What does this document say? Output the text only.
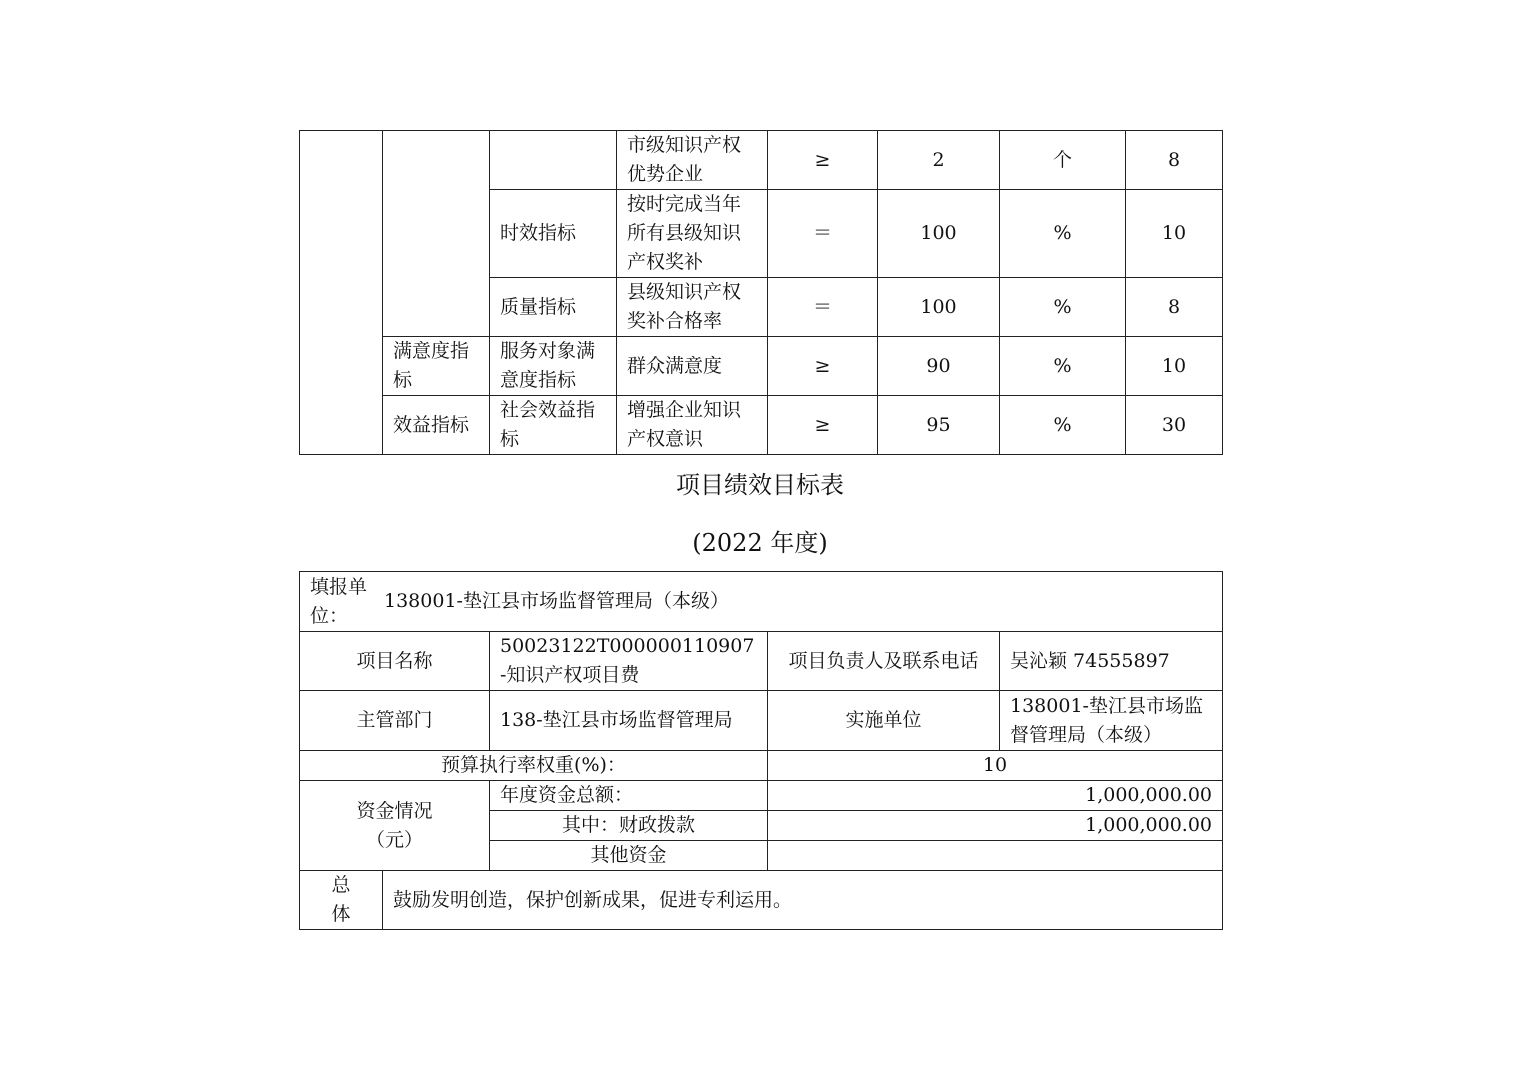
			市级知识产权优势企业	≥	2	个	8
		时效指标	按时完成当年所有县级知识产权奖补	＝	100	%	10
		质量指标	县级知识产权奖补合格率	＝	100	%	8
	满意度指标	服务对象满意度指标	群众满意度	≥	90	%	10
	效益指标	社会效益指标	增强企业知识产权意识	≥	95	%	30
项目绩效目标表
(2022 年度)
填报单位：
138001-垫江县市场监督管理局（本级）				

项目名称		50023122T000000110907-知识产权项目费	项目负责人及联系电话	吴沁颖 74555897
主管部门		138-垫江县市场监督管理局	实施单位	138001-垫江县市场监督管理局（本级）
预算执行率权重(%)：			10	
资金情况（元）		年度资金总额：	1,000,000.00	
		其中：财政拨款	1,000,000.00	
		其他资金		
总体	鼓励发明创造，保护创新成果，促进专利运用。			
